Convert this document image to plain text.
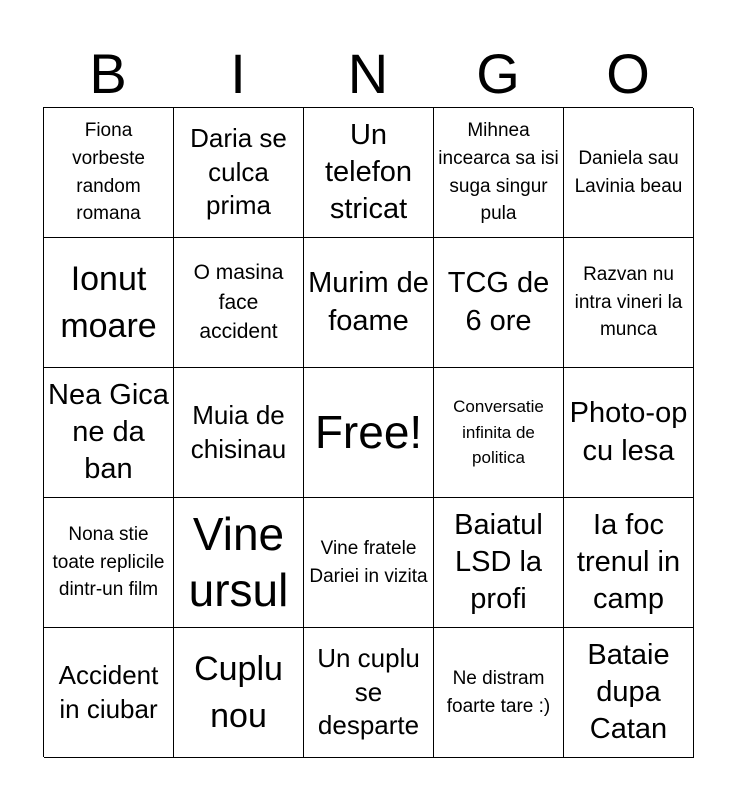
B	I	N	G	O
Fiona vorbeste random romana
Daria se culca prima
Un telefon stricat
Mihnea incearca sa isi suga singur pula
Daniela sau Lavinia beau
Ionut moare
O masina face accident
Murim de foame
TCG de 6 ore
Razvan nu intra vineri la munca
Nea Gica ne da ban
Muia de chisinau Free!	Conversatie infinita de politica
Photo-op cu lesa
Nona stie toate replicile dintr-un film
Vine ursul
Vine fratele Dariei in vizita
Baiatul LSD la profi
Ia foc trenul in camp
Accident in ciubar
Cuplu nou
Un cuplu se desparte
Ne distram foarte tare :)
Bataie dupa Catan
